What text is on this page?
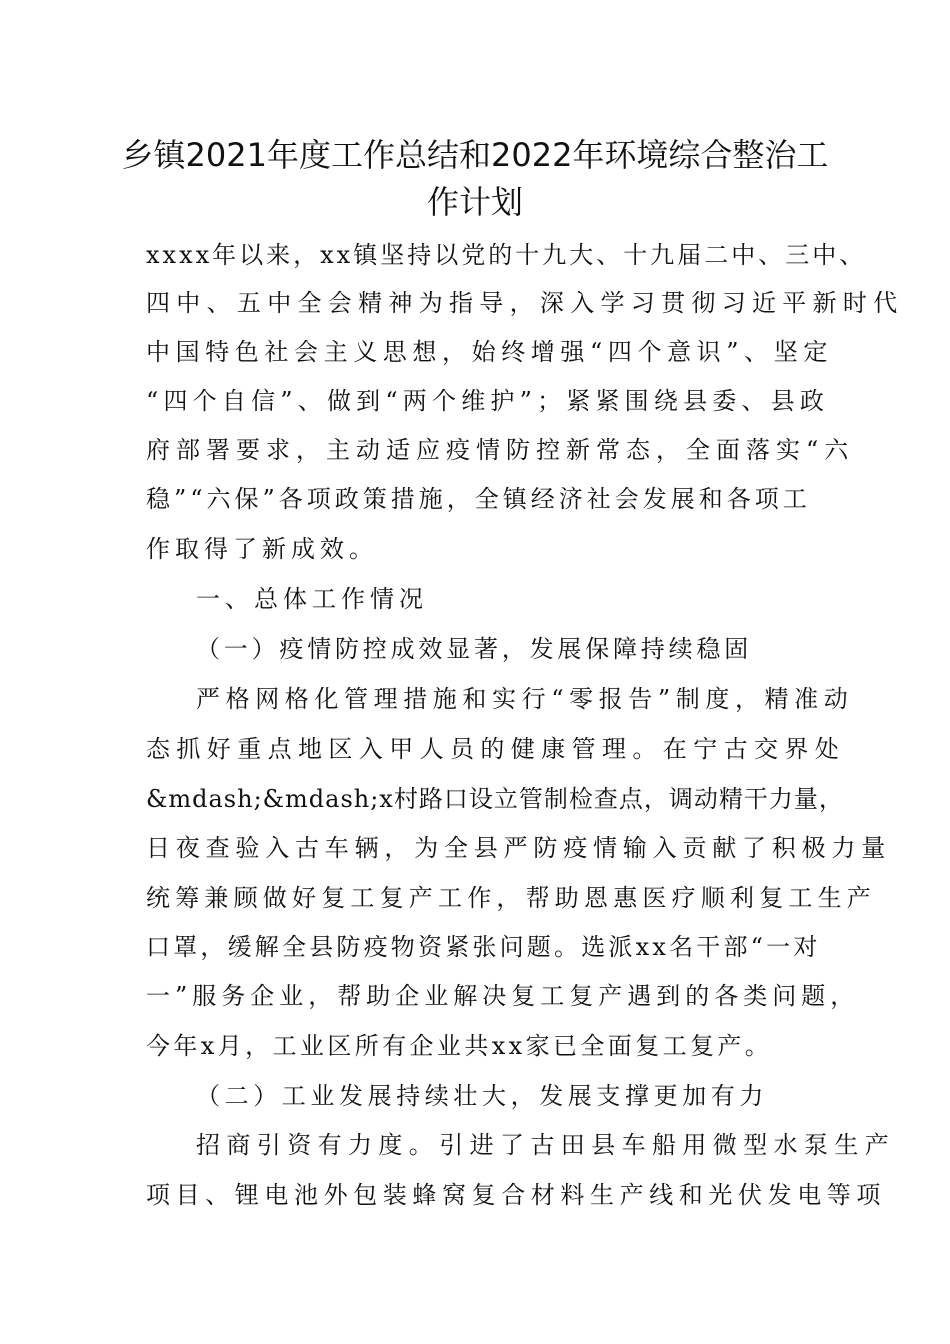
乡镇2021年度工作总结和2022年环境综合整治工
作计划

xxxx年以来，xx镇坚持以党的十九大、十九届二中、三中、

四中、五中全会精神为指导，深入学习贯彻习近平新时代

中国特色社会主义思想，始终增强“四个意识”、坚定

“四个自信”、做到“两个维护”；紧紧围绕县委、县政

府部署要求，主动适应疫情防控新常态，全面落实“六

稳”“六保”各项政策措施，全镇经济社会发展和各项工

作取得了新成效。

一、总体工作情况

（一）疫情防控成效显著，发展保障持续稳固

严格网格化管理措施和实行“零报告”制度，精准动

态抓好重点地区入甲人员的健康管理。在宁古交界处

&mdash;&mdash;x村路口设立管制检查点，调动精干力量，

日夜查验入古车辆，为全县严防疫情输入贡献了积极力量

统筹兼顾做好复工复产工作，帮助恩惠医疗顺利复工生产

口罩，缓解全县防疫物资紧张问题。选派xx名干部“一对

一”服务企业，帮助企业解决复工复产遇到的各类问题，

今年x月，工业区所有企业共xx家已全面复工复产。

（二）工业发展持续壮大，发展支撑更加有力

招商引资有力度。引进了古田县车船用微型水泵生产

项目、锂电池外包装蜂窝复合材料生产线和光伏发电等项
